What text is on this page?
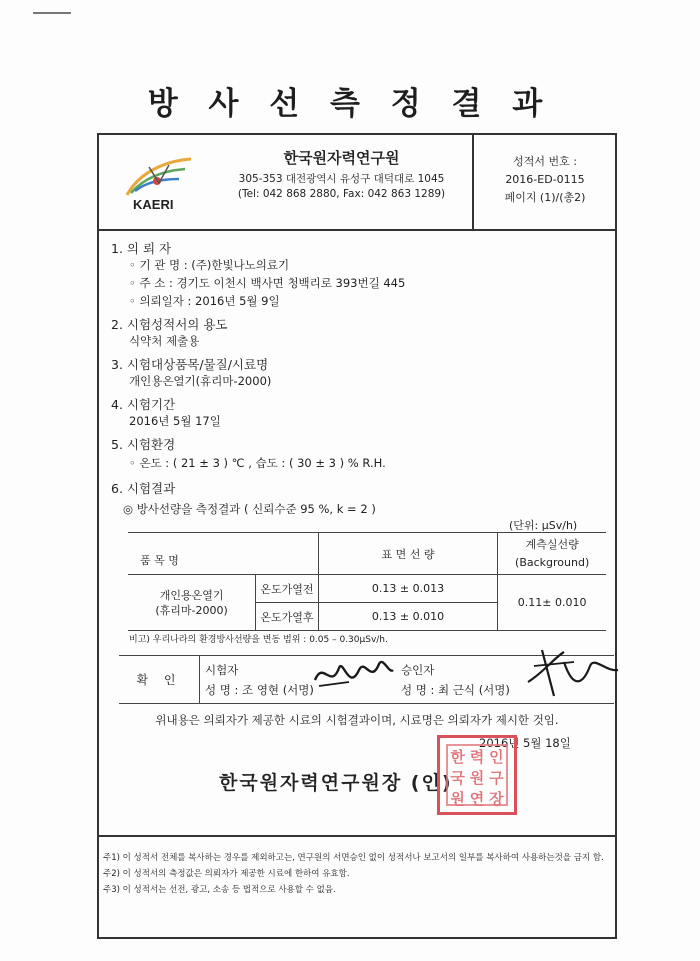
방 사 선 측 정 결 과
KAERI
한국원자력연구원
305-353 대전광역시 유성구 대덕대로 1045
(Tel: 042 868 2880, Fax: 042 863 1289)
성적서 번호 :
2016-ED-0115
페이지 (1)/(총2)
1. 의 뢰 자
◦ 기 관 명 : (주)한빛나노의료기
◦ 주 소 : 경기도 이천시 백사면 청백리로 393번길 445
◦ 의뢰일자 : 2016년 5월 9일
2. 시험성적서의 용도
식약처 제출용
3. 시험대상품목/물질/시료명
개인용온열기(휴리마-2000)
4. 시험기간
2016년 5월 17일
5. 시험환경
◦ 온도 : ( 21 ± 3 ) ℃ , 습도 : ( 30 ± 3 ) % R.H.
6. 시험결과
◎ 방사선량을 측정결과 ( 신뢰수준 95 %, k = 2 )
(단위: μSv/h)
품 목 명		표 면 선 량	계측실선량
(Background)
개인용온열기
(휴리마-2000)	온도가열전	0.13 ± 0.013	0.11± 0.010
	온도가열후	0.13 ± 0.010	
비고) 우리나라의 환경방사선량을 변동 범위 : 0.05 – 0.30μSv/h.
확 인
시험자
성 명 : 조 영현 (서명)
승인자
성 명 : 최 근식 (서명)
위내용은 의뢰자가 제공한 시료의 시험결과이며, 시료명은 의뢰자가 제시한 것임.
2016년 5월 18일
한국원자력연구원장 (인)
한 력 인
국 원 구
원 연 장
주1) 이 성적서 전체를 복사하는 경우를 제외하고는, 연구원의 서면승인 없이 성적서나 보고서의 일부를 복사하여 사용하는것을 금지 함.
주2) 이 성적서의 측정값은 의뢰자가 제공한 시료에 한하여 유효함.
주3) 이 성적서는 선전, 광고, 소송 등 법적으로 사용할 수 없음.
